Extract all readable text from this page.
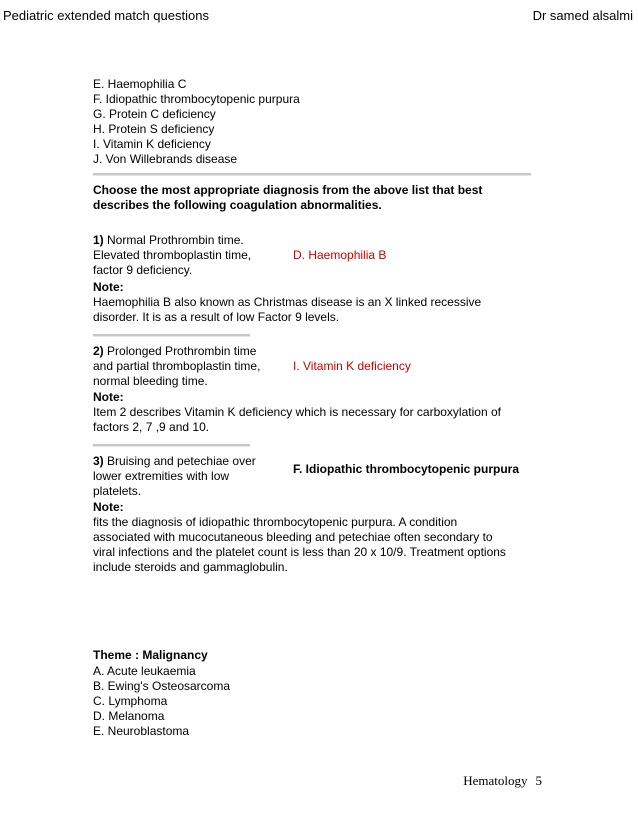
Pediatric extended match questions	Dr samed alsalmi
E. Haemophilia C
F. Idiopathic thrombocytopenic purpura
G. Protein C deficiency
H. Protein S deficiency
I. Vitamin K deficiency
J. Von Willebrands disease
Choose the most appropriate diagnosis from the above list that best
describes the following coagulation abnormalities.
1) Normal Prothrombin time.
Elevated thromboplastin time,
factor 9 deficiency.
D. Haemophilia B
Note:
Haemophilia B also known as Christmas disease is an X linked recessive
disorder. It is as a result of low Factor 9 levels.
2) Prolonged Prothrombin time
and partial thromboplastin time,
normal bleeding time.
I. Vitamin K deficiency
Note:
Item 2 describes Vitamin K deficiency which is necessary for carboxylation of
factors 2, 7 ,9 and 10.
3) Bruising and petechiae over
lower extremities with low
platelets.
F. Idiopathic thrombocytopenic purpura
Note:
fits the diagnosis of idiopathic thrombocytopenic purpura. A condition
associated with mucocutaneous bleeding and petechiae often secondary to
viral infections and the platelet count is less than 20 x 10/9. Treatment options
include steroids and gammaglobulin.
Theme : Malignancy
A. Acute leukaemia
B. Ewing's Osteosarcoma
C. Lymphoma
D. Melanoma
E. Neuroblastoma
Hematology 5
